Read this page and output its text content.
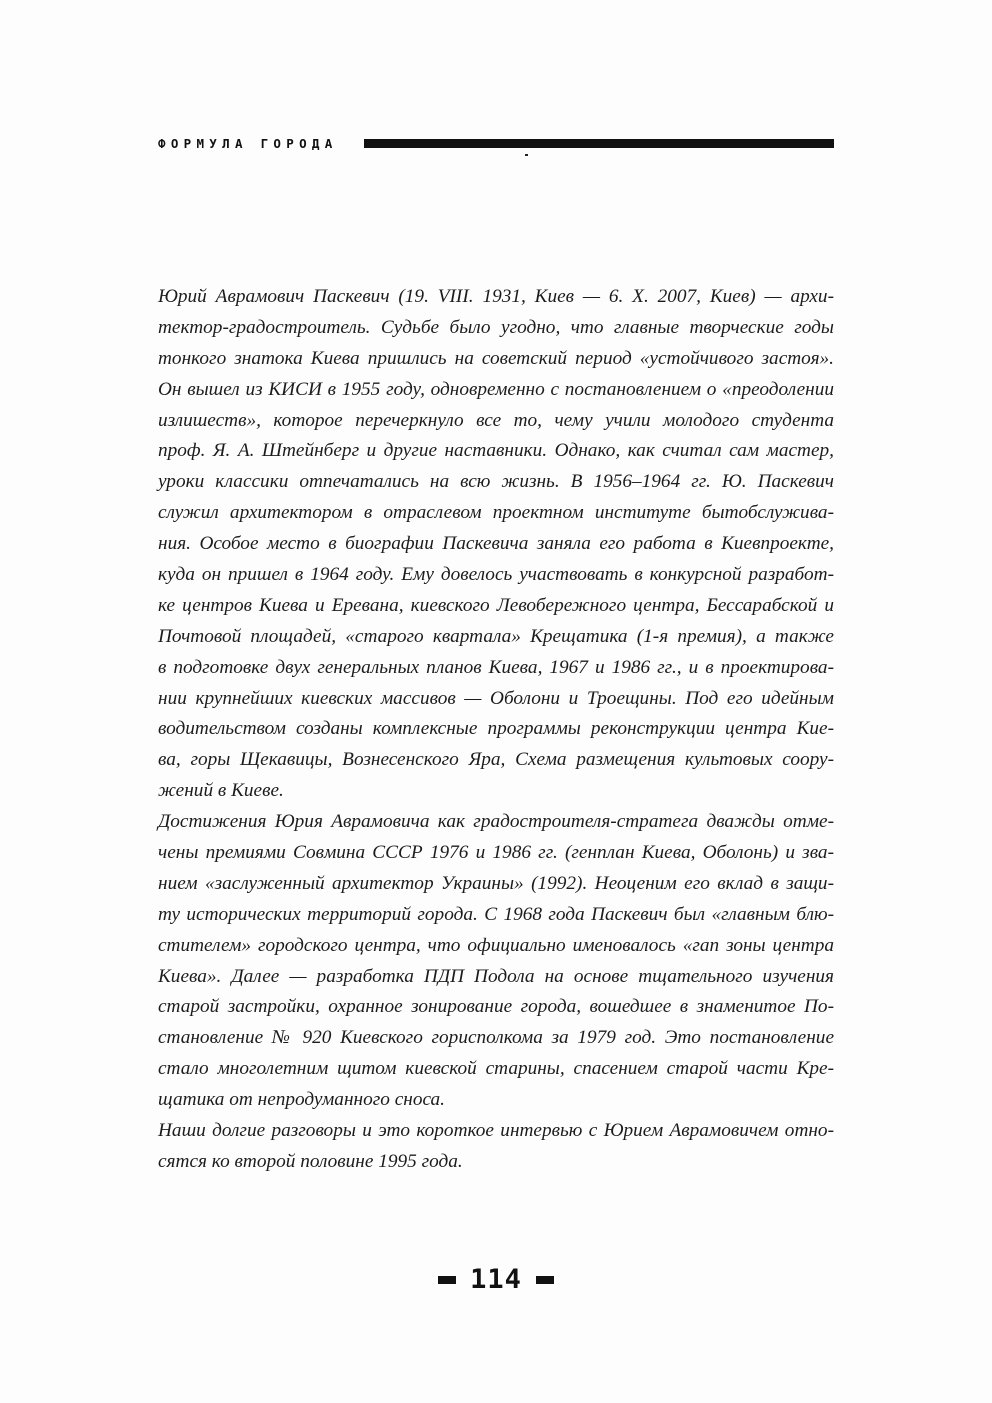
ФОРМУЛА ГОРОДА
Юрий Аврамович Паскевич (19. VIII. 1931, Киев — 6. X. 2007, Киев) — архи-
тектор-градостроитель. Судьбе было угодно, что главные творческие годы
тонкого знатока Киева пришлись на советский период «устойчивого застоя».
Он вышел из КИСИ в 1955 году, одновременно с постановлением о «преодолении
излишеств», которое перечеркнуло все то, чему учили молодого студента
проф. Я. А. Штейнберг и другие наставники. Однако, как считал сам мастер,
уроки классики отпечатались на всю жизнь. В 1956–1964 гг. Ю. Паскевич
служил архитектором в отраслевом проектном институте бытобслужива-
ния. Особое место в биографии Паскевича заняла его работа в Киевпроекте,
куда он пришел в 1964 году. Ему довелось участвовать в конкурсной разработ-
ке центров Киева и Еревана, киевского Левобережного центра, Бессарабской и
Почтовой площадей, «старого квартала» Крещатика (1-я премия), а также
в подготовке двух генеральных планов Киева, 1967 и 1986 гг., и в проектирова-
нии крупнейших киевских массивов — Оболони и Троещины. Под его идейным
водительством созданы комплексные программы реконструкции центра Кие-
ва, горы Щекавицы, Вознесенского Яра, Схема размещения культовых соору-
жений в Киеве.
Достижения Юрия Аврамовича как градостроителя-стратега дважды отме-
чены премиями Совмина СССР 1976 и 1986 гг. (генплан Киева, Оболонь) и зва-
нием «заслуженный архитектор Украины» (1992). Неоценим его вклад в защи-
ту исторических территорий города. С 1968 года Паскевич был «главным блю-
стителем» городского центра, что официально именовалось «гап зоны центра
Киева». Далее — разработка ПДП Подола на основе тщательного изучения
старой застройки, охранное зонирование города, вошедшее в знаменитое По-
становление № 920 Киевского горисполкома за 1979 год. Это постановление
стало многолетним щитом киевской старины, спасением старой части Кре-
щатика от непродуманного сноса.
Наши долгие разговоры и это короткое интервью с Юрием Аврамовичем отно-
сятся ко второй половине 1995 года.
114
